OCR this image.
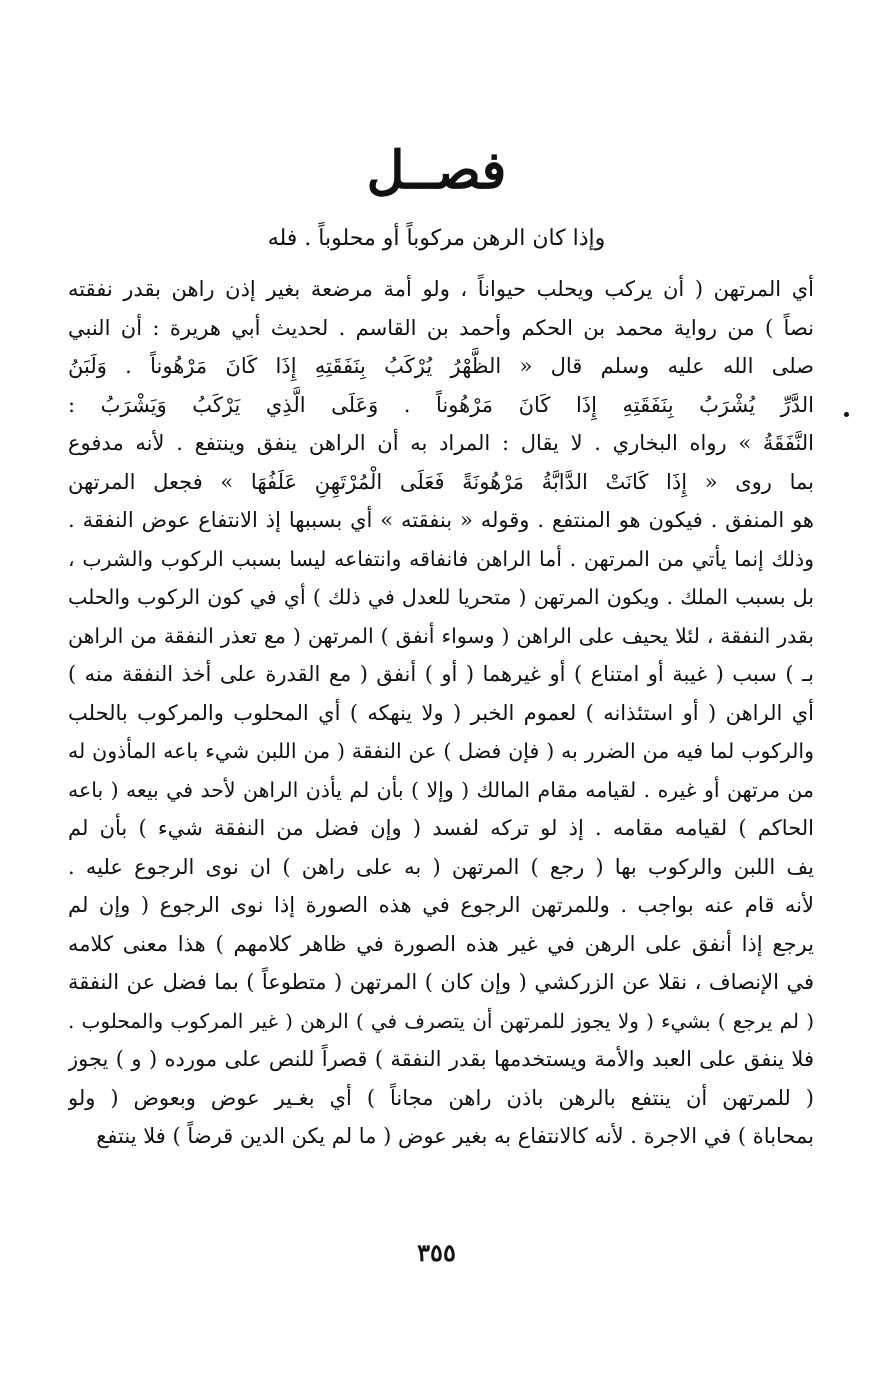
فصــل
وإذا كان الرهن مركوباً أو محلوباً . فله
أي المرتهن ( أن يركب ويحلب حيواناً ، ولو أمة مرضعة بغير إذن راهن بقدر نفقته
نصاً ) من رواية محمد بن الحكم وأحمد بن القاسم . لحديث أبي هريرة : أن النبي
صلى الله عليه وسلم قال « الظَّهْرُ يُرْكَبُ بِنَفَقَتِهِ إِذَا كَانَ مَرْهُوناً . وَلَبَنُ
الدَّرِّ يُشْرَبُ بِنَفَقَتِهِ إِذَا كَانَ مَرْهُوناً . وَعَلَى الَّذِي يَرْكَبُ وَيَشْرَبُ :
النَّفَقَةُ » رواه البخاري . لا يقال : المراد به أن الراهن ينفق وينتفع . لأنه مدفوع
بما روى « إِذَا كَانَتْ الدَّابَّةُ مَرْهُونَةً فَعَلَى الْمُرْتَهِنِ عَلَفُهَا » فجعل المرتهن
هو المنفق . فيكون هو المنتفع . وقوله « بنفقته » أي بسببها إذ الانتفاع عوض النفقة .
وذلك إنما يأتي من المرتهن . أما الراهن فانفاقه وانتفاعه ليسا بسبب الركوب والشرب ،
بل بسبب الملك . ويكون المرتهن ( متحريا للعدل في ذلك ) أي في كون الركوب والحلب
بقدر النفقة ، لئلا يحيف على الراهن ( وسواء أنفق ) المرتهن ( مع تعذر النفقة من الراهن
بـ ) سبب ( غيبة أو امتناع ) أو غيرهما ( أو ) أنفق ( مع القدرة على أخذ النفقة منه )
أي الراهن ( أو استئذانه ) لعموم الخبر ( ولا ينهكه ) أي المحلوب والمركوب بالحلب
والركوب لما فيه من الضرر به ( فإن فضل ) عن النفقة ( من اللبن شيء باعه المأذون له
من مرتهن أو غيره . لقيامه مقام المالك ( وإلا ) بأن لم يأذن الراهن لأحد في بيعه ( باعه
الحاكم ) لقيامه مقامه . إذ لو تركه لفسد ( وإن فضل من النفقة شيء ) بأن لم
يف اللبن والركوب بها ( رجع ) المرتهن ( به على راهن ) ان نوى الرجوع عليه .
لأنه قام عنه بواجب . وللمرتهن الرجوع في هذه الصورة إذا نوى الرجوع ( وإن لم
يرجع إذا أنفق على الرهن في غير هذه الصورة في ظاهر كلامهم ) هذا معنى كلامه
في الإنصاف ، نقلا عن الزركشي ( وإن كان ) المرتهن ( متطوعاً ) بما فضل عن النفقة
( لم يرجع ) بشيء ( ولا يجوز للمرتهن أن يتصرف في ) الرهن ( غير المركوب والمحلوب .
فلا ينفق على العبد والأمة ويستخدمها بقدر النفقة ) قصراً للنص على مورده ( و ) يجوز
( للمرتهن أن ينتفع بالرهن باذن راهن مجاناً ) أي بغـير عوض وبعوض ( ولو
بمحاباة ) في الاجرة . لأنه كالانتفاع به بغير عوض ( ما لم يكن الدين قرضاً ) فلا ينتفع
٣٥٥
